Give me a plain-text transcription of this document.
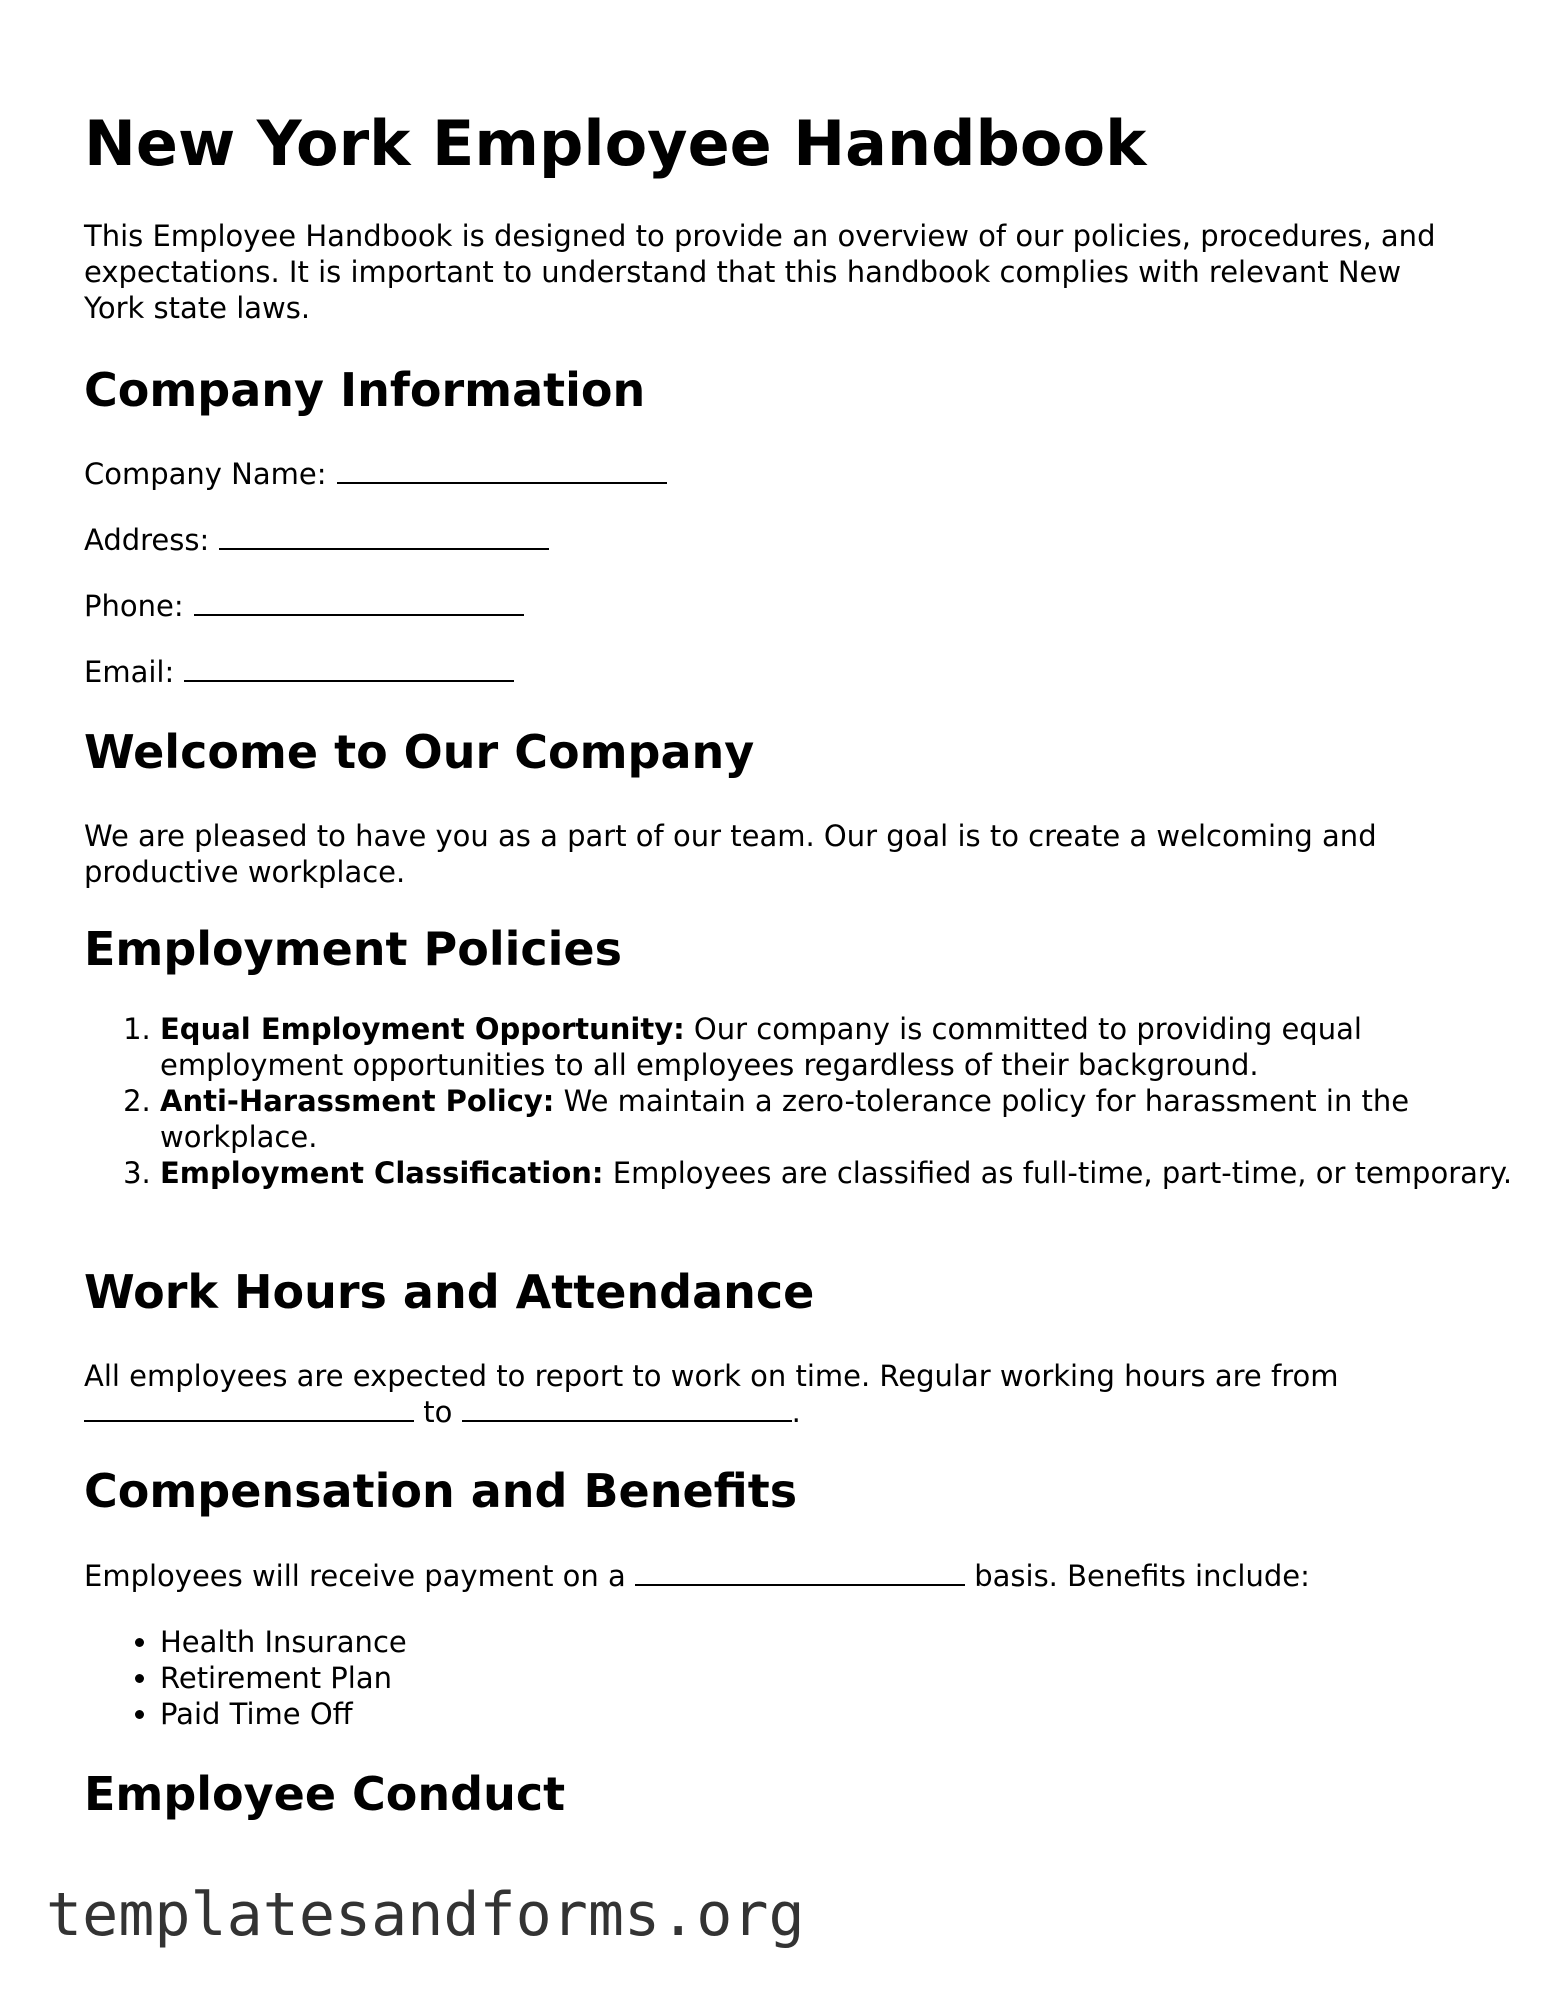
New York Employee Handbook

This Employee Handbook is designed to provide an overview of our policies, procedures, and expectations. It is important to understand that this handbook complies with relevant New York state laws.

Company Information

Company Name:

Address:

Phone:

Email:

Welcome to Our Company

We are pleased to have you as a part of our team. Our goal is to create a welcoming and productive workplace.

Employment Policies
1. Equal Employment Opportunity: Our company is committed to providing equal employment opportunities to all employees regardless of their background.
2. Anti-Harassment Policy: We maintain a zero-tolerance policy for harassment in the workplace.
3. Employment Classification: Employees are classified as full-time, part-time, or temporary.
Work Hours and Attendance

All employees are expected to report to work on time. Regular working hours are from
to	.

Compensation and Benefits

Employees will receive payment on a	basis. Benefits include:

• Health Insurance
• Retirement Plan
• Paid Time Off
Employee Conduct
templatesandforms.org
